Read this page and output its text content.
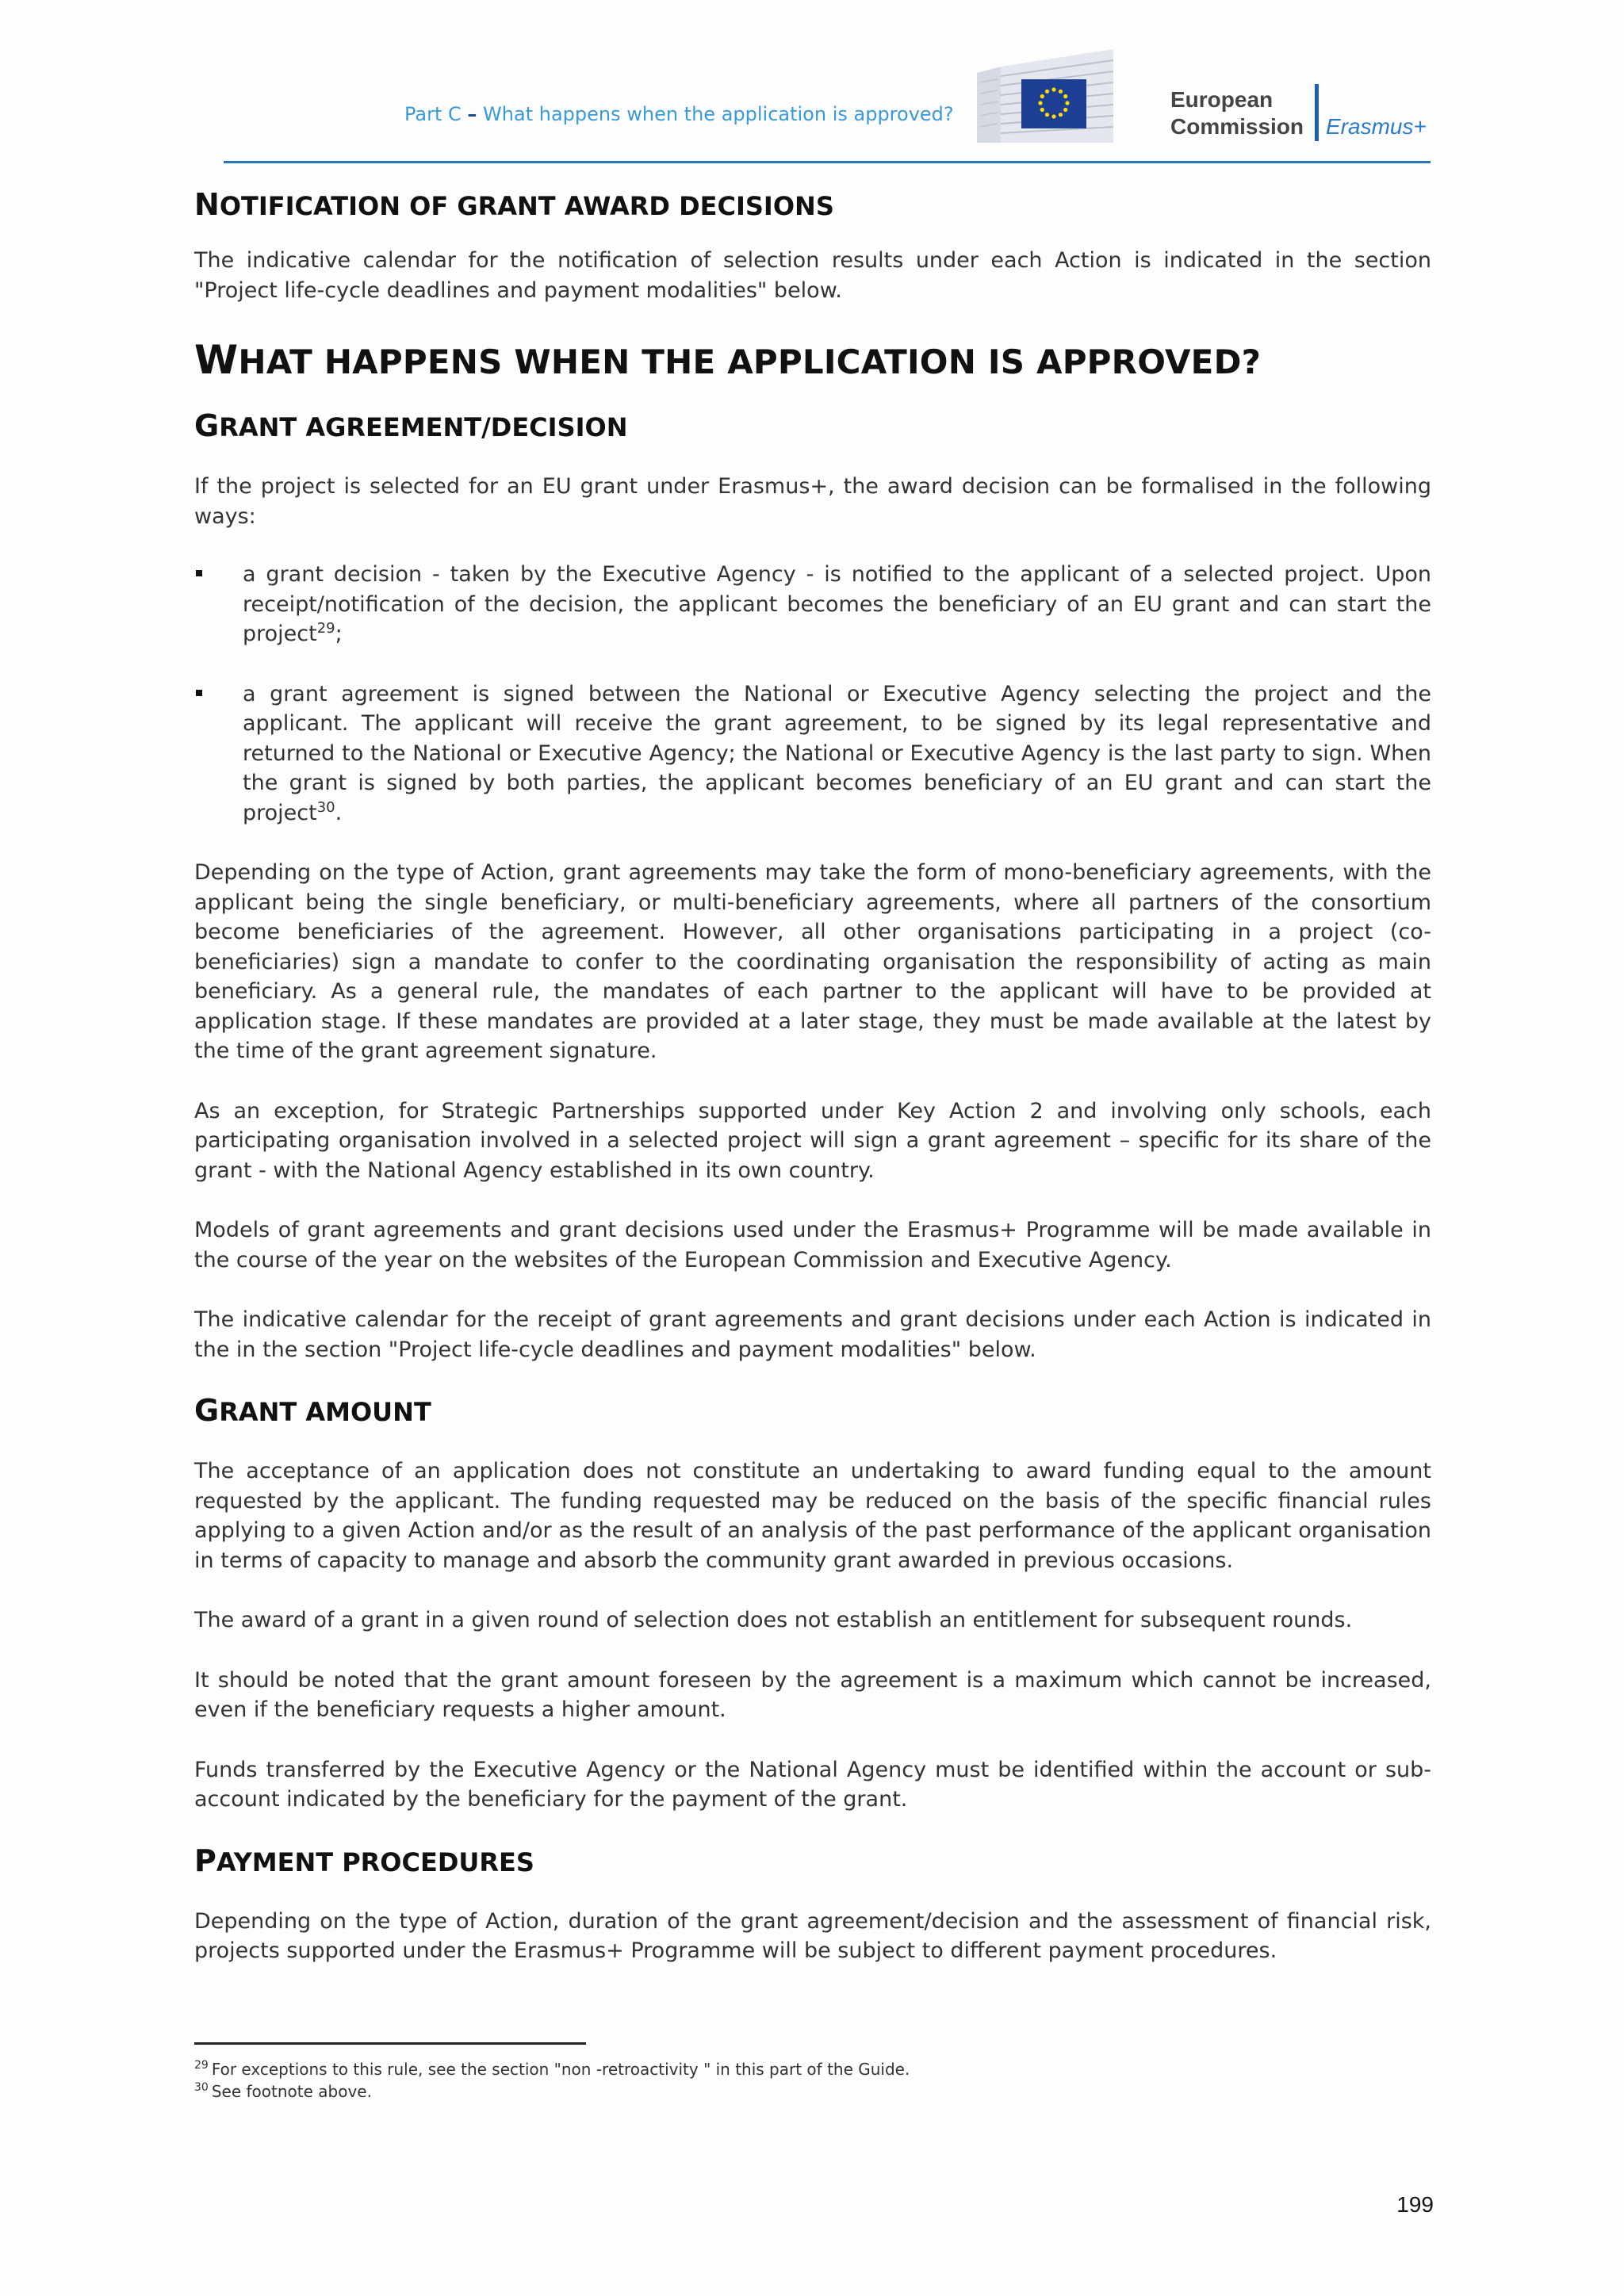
Part C – What happens when the application is approved?
European
Commission Erasmus+
NOTIFICATION OF GRANT AWARD DECISIONS

The indicative calendar for the notification of selection results under each Action is indicated in the section "Project life-cycle deadlines and payment modalities" below.

WHAT HAPPENS WHEN THE APPLICATION IS APPROVED?
GRANT AGREEMENT/DECISION

If the project is selected for an EU grant under Erasmus+, the award decision can be formalised in the following ways:

a grant decision - taken by the Executive Agency - is notified to the applicant of a selected project. Upon receipt/notification of the decision, the applicant becomes the beneficiary of an EU grant and can start the project$^{29}$;

a grant agreement is signed between the National or Executive Agency selecting the project and the applicant. The applicant will receive the grant agreement, to be signed by its legal representative and returned to the National or Executive Agency; the National or Executive Agency is the last party to sign. When the grant is signed by both parties, the applicant becomes beneficiary of an EU grant and can start the project$^{30}$.

Depending on the type of Action, grant agreements may take the form of mono-beneficiary agreements, with the applicant being the single beneficiary, or multi-beneficiary agreements, where all partners of the consortium become beneficiaries of the agreement. However, all other organisations participating in a project (co-beneficiaries) sign a mandate to confer to the coordinating organisation the responsibility of acting as main beneficiary. As a general rule, the mandates of each partner to the applicant will have to be provided at application stage. If these mandates are provided at a later stage, they must be made available at the latest by the time of the grant agreement signature.

As an exception, for Strategic Partnerships supported under Key Action 2 and involving only schools, each participating organisation involved in a selected project will sign a grant agreement – specific for its share of the grant - with the National Agency established in its own country.

Models of grant agreements and grant decisions used under the Erasmus+ Programme will be made available in the course of the year on the websites of the European Commission and Executive Agency.

The indicative calendar for the receipt of grant agreements and grant decisions under each Action is indicated in the in the section "Project life-cycle deadlines and payment modalities" below.

GRANT AMOUNT

The acceptance of an application does not constitute an undertaking to award funding equal to the amount requested by the applicant. The funding requested may be reduced on the basis of the specific financial rules applying to a given Action and/or as the result of an analysis of the past performance of the applicant organisation in terms of capacity to manage and absorb the community grant awarded in previous occasions.

The award of a grant in a given round of selection does not establish an entitlement for subsequent rounds.

It should be noted that the grant amount foreseen by the agreement is a maximum which cannot be increased, even if the beneficiary requests a higher amount.

Funds transferred by the Executive Agency or the National Agency must be identified within the account or sub-account indicated by the beneficiary for the payment of the grant.

PAYMENT PROCEDURES

Depending on the type of Action, duration of the grant agreement/decision and the assessment of financial risk, projects supported under the Erasmus+ Programme will be subject to different payment procedures.

$^{29}$ For exceptions to this rule, see the section "non -retroactivity " in this part of the Guide.
$^{30}$ See footnote above.
199
